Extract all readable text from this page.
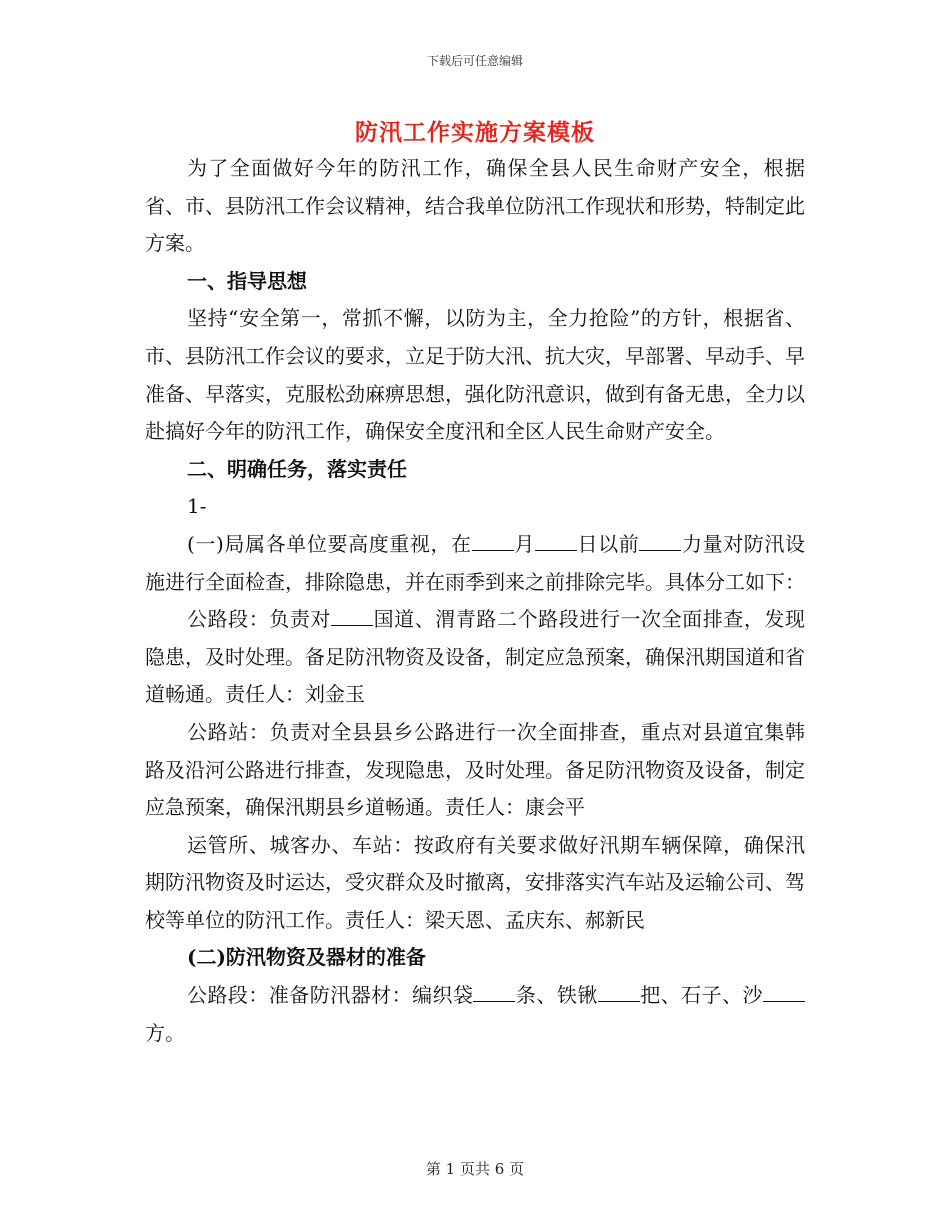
下载后可任意编辑
防汛工作实施方案模板

为了全面做好今年的防汛工作，确保全县人民生命财产安全，根据省、市、县防汛工作会议精神，结合我单位防汛工作现状和形势，特制定此方案。

一、指导思想

坚持“安全第一，常抓不懈，以防为主，全力抢险”的方针，根据省、市、县防汛工作会议的要求，立足于防大汛、抗大灾，早部署、早动手、早准备、早落实，克服松劲麻痹思想，强化防汛意识，做到有备无患，全力以赴搞好今年的防汛工作，确保安全度汛和全区人民生命财产安全。

二、明确任务，落实责任

1-

(一)局属各单位要高度重视，在 月 日以前 力量对防汛设施进行全面检查，排除隐患，并在雨季到来之前排除完毕。具体分工如下：

公路段：负责对 国道、渭青路二个路段进行一次全面排查，发现隐患，及时处理。备足防汛物资及设备，制定应急预案，确保汛期国道和省道畅通。责任人：刘金玉

公路站：负责对全县县乡公路进行一次全面排查，重点对县道宜集韩路及沿河公路进行排查，发现隐患，及时处理。备足防汛物资及设备，制定应急预案，确保汛期县乡道畅通。责任人：康会平

运管所、城客办、车站：按政府有关要求做好汛期车辆保障，确保汛期防汛物资及时运达，受灾群众及时撤离，安排落实汽车站及运输公司、驾校等单位的防汛工作。责任人：梁天恩、孟庆东、郝新民

(二)防汛物资及器材的准备

公路段：准备防汛器材：编织袋 条、铁锹 把、石子、沙方。

第 1 页共 6 页
